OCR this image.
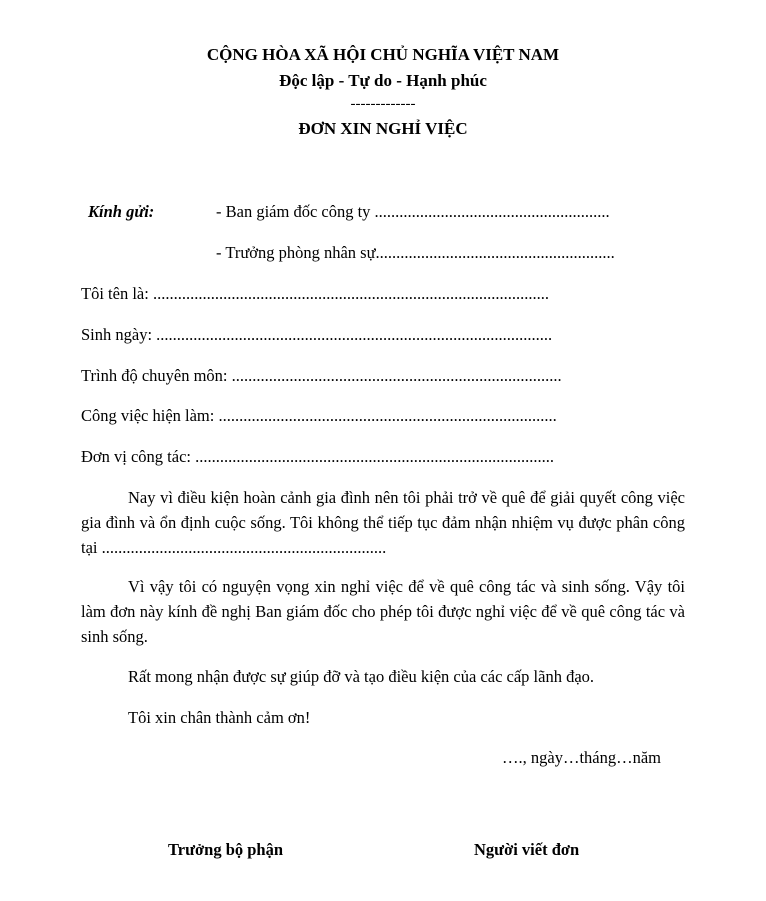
CỘNG HÒA XÃ HỘI CHỦ NGHĨA VIỆT NAM
Độc lập - Tự do - Hạnh phúc
-------------
ĐƠN XIN NGHỈ VIỆC
Kính gửi:	- Ban giám đốc công ty .........................................................
- Trưởng phòng nhân sự..........................................................
Tôi tên là: ................................................................................................
Sinh ngày: ................................................................................................
Trình độ chuyên môn: ................................................................................
Công việc hiện làm: ..................................................................................
Đơn vị công tác: .......................................................................................
Nay vì điều kiện hoàn cảnh gia đình nên tôi phải trở về quê để giải quyết công việc gia đình và ổn định cuộc sống. Tôi không thể tiếp tục đảm nhận nhiệm vụ được phân công tại .....................................................................
Vì vậy tôi có nguyện vọng xin nghỉ việc để về quê công tác và sinh sống. Vậy tôi làm đơn này kính đề nghị Ban giám đốc cho phép tôi được nghỉ việc để về quê công tác và sinh sống.
Rất mong nhận được sự giúp đỡ và tạo điều kiện của các cấp lãnh đạo.
Tôi xin chân thành cảm ơn!
…., ngày…tháng…năm
Trưởng bộ phận	Người viết đơn
